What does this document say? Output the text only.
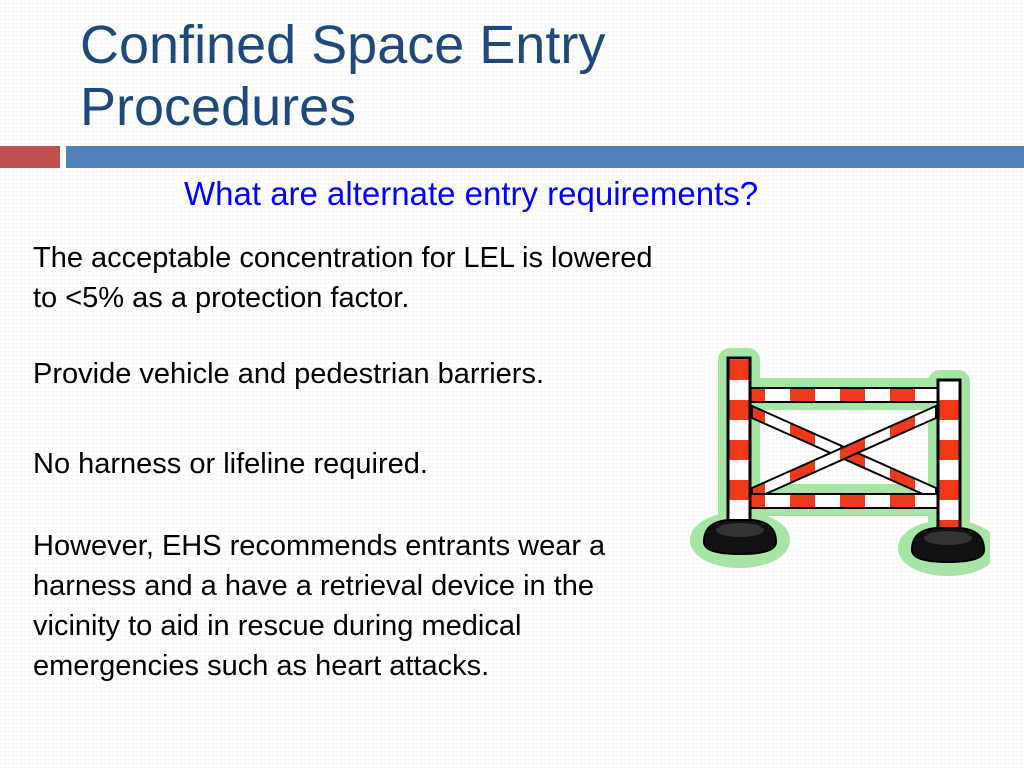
Confined Space Entry
Procedures
What are alternate entry requirements?
The acceptable concentration for LEL is lowered to <5% as a protection factor.
Provide vehicle and pedestrian barriers.
No harness or lifeline required.
However, EHS recommends entrants wear a harness and a have a retrieval device in the vicinity to aid in rescue during medical emergencies such as heart attacks.
